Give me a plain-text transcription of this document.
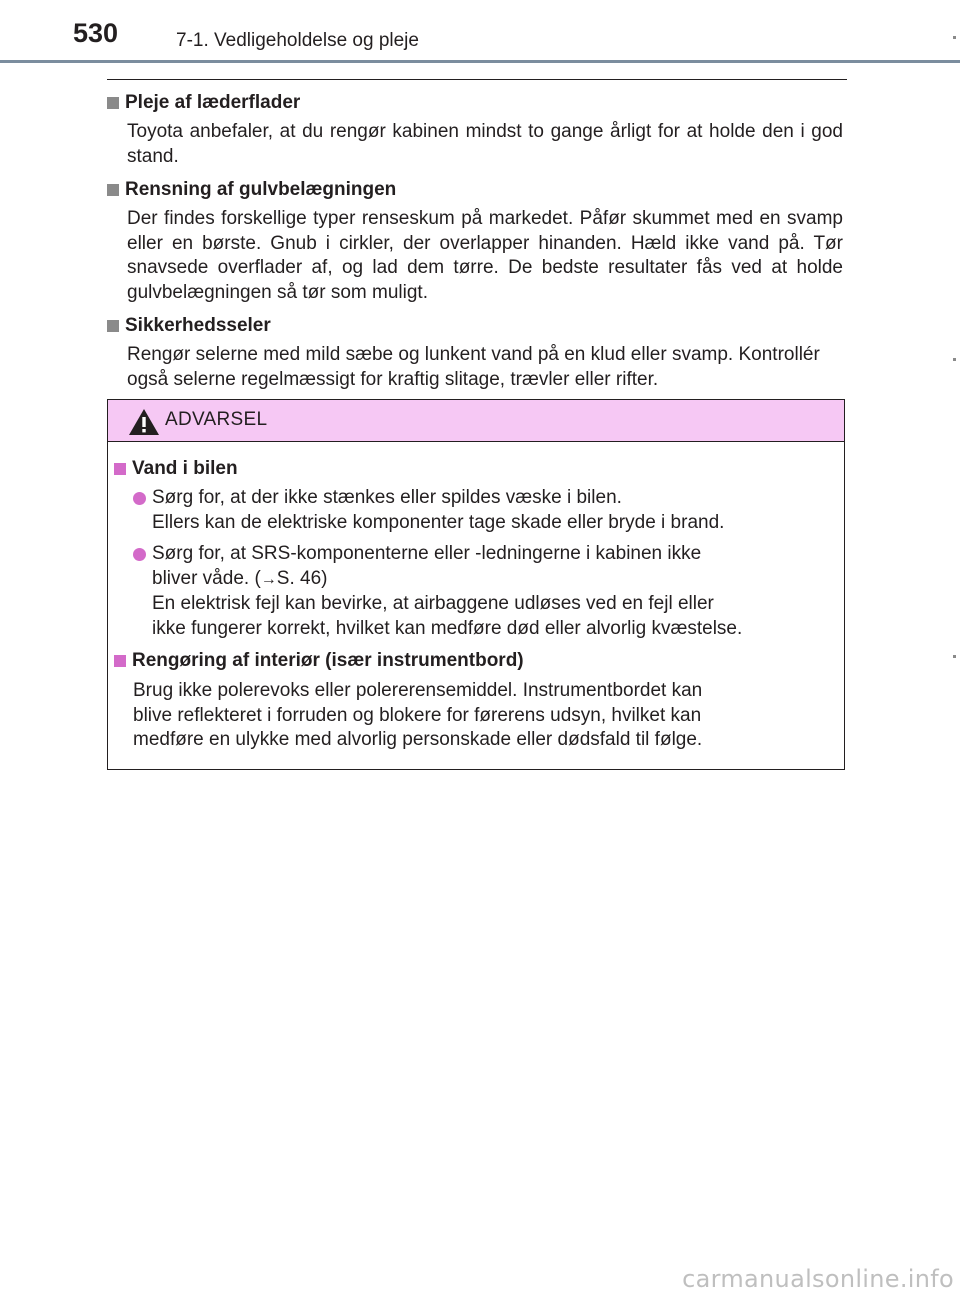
530	7-1. Vedligeholdelse og pleje
Pleje af læderflader

Toyota anbefaler, at du rengør kabinen mindst to gange årligt for at holde den i god stand.

Rensning af gulvbelægningen

Der findes forskellige typer renseskum på markedet. Påfør skummet med en svamp eller en børste. Gnub i cirkler, der overlapper hinanden. Hæld ikke vand på. Tør snavsede overflader af, og lad dem tørre. De bedste resultater fås ved at holde gulvbelægningen så tør som muligt.

Sikkerhedsseler

Rengør selerne med mild sæbe og lunkent vand på en klud eller svamp. Kontrollér også selerne regelmæssigt for kraftig slitage, trævler eller rifter.

ADVARSEL
Vand i bilen
Sørg for, at der ikke stænkes eller spildes væske i bilen.
Ellers kan de elektriske komponenter tage skade eller bryde i brand.
Sørg for, at SRS-komponenterne eller -ledningerne i kabinen ikke
bliver våde. (→S. 46)
En elektrisk fejl kan bevirke, at airbaggene udløses ved en fejl eller
ikke fungerer korrekt, hvilket kan medføre død eller alvorlig kvæstelse.
Rengøring af interiør (især instrumentbord)
Brug ikke polerevoks eller polererensemiddel. Instrumentbordet kan
blive reflekteret i forruden og blokere for førerens udsyn, hvilket kan
medføre en ulykke med alvorlig personskade eller dødsfald til følge.
carmanualsonline.info
